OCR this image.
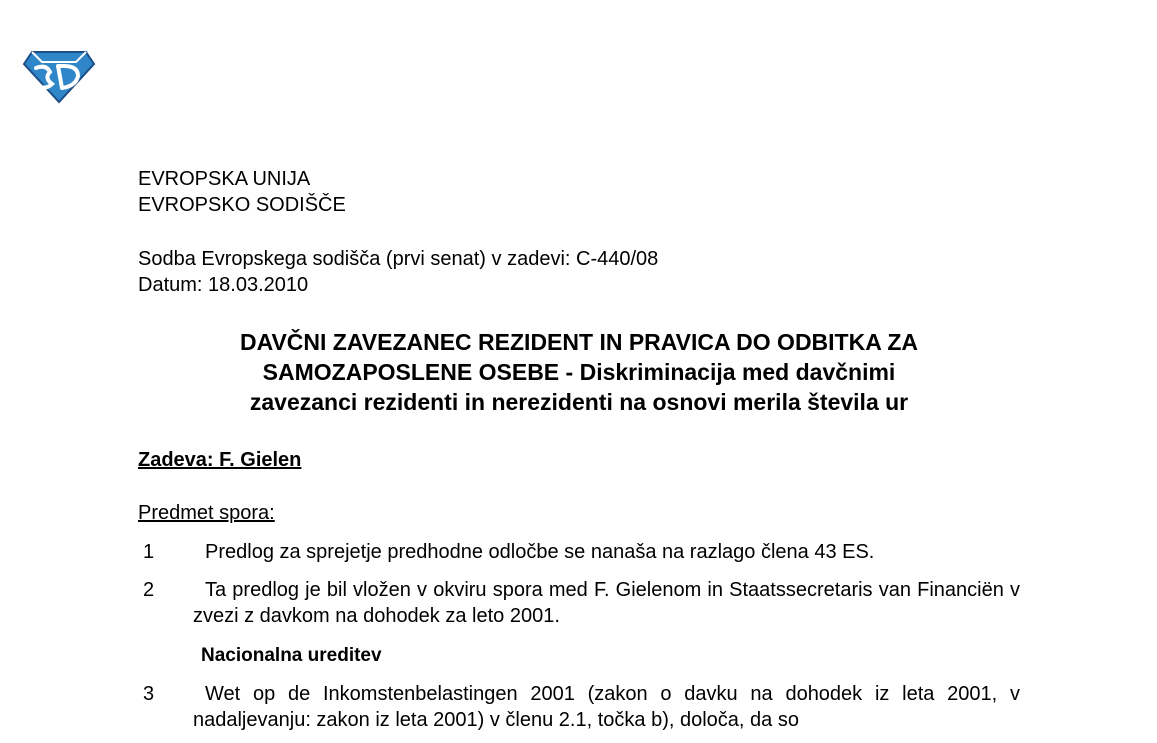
EVROPSKA UNIJA
EVROPSKO SODIŠČE
Sodba Evropskega sodišča (prvi senat) v zadevi: C-440/08
Datum: 18.03.2010
DAVČNI ZAVEZANEC REZIDENT IN PRAVICA DO ODBITKA ZA
SAMOZAPOSLENE OSEBE - Diskriminacija med davčnimi
zavezanci rezidenti in nerezidenti na osnovi merila števila ur
Zadeva: F. Gielen
Predmet spora:
1	Predlog za sprejetje predhodne odločbe se nanaša na razlago člena 43 ES.
2	Ta predlog je bil vložen v okviru spora med F. Gielenom in Staatssecretaris van Financiën v zvezi z davkom na dohodek za leto 2001.
Nacionalna ureditev
3	Wet op de Inkomstenbelastingen 2001 (zakon o davku na dohodek iz leta 2001, v nadaljevanju: zakon iz leta 2001) v členu 2.1, točka b), določa, da so
